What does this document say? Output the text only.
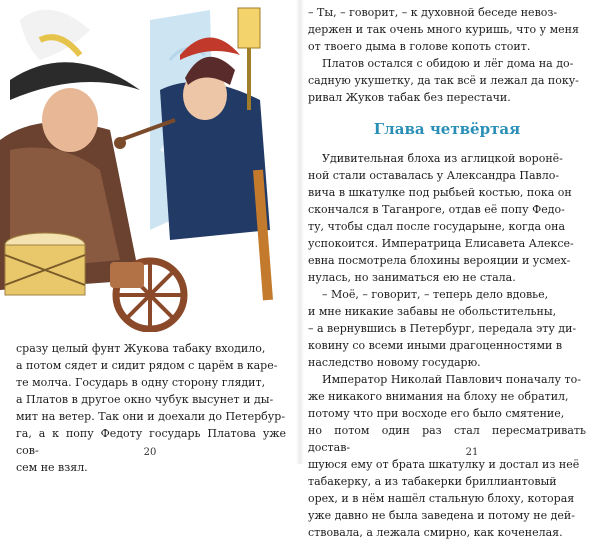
сразу целый фунт Жукова табаку входило,

а потом сядет и сидит рядом с царём в каре-

те молча. Государь в одну сторону глядит,

а Платов в другое окно чубук высунет и ды-

мит на ветер. Так они и доехали до Петербур-

га, а к попу Федоту государь Платова уже сов-

сем не взял.

20

– Ты, – говорит, – к духовной беседе невоз-

держен и так очень много куришь, что у меня

от твоего дыма в голове копоть стоит.

Платов остался с обидою и лёг дома на до-

садную укушетку, да так всё и лежал да поку-

ривал Жуков табак без перестачи.

Глава четвёртая

Удивительная блоха из аглицкой воронё-

ной стали оставалась у Александра Павло-

вича в шкатулке под рыбьей костью, пока он

скончался в Таганроге, отдав её попу Федо-

ту, чтобы сдал после государыне, когда она

успокоится. Императрица Елисавета Алексе-

евна посмотрела блохины верояции и усмех-

нулась, но заниматься ею не стала.

– Моё, – говорит, – теперь дело вдовье,

и мне никакие забавы не обольстительны,

– а вернувшись в Петербург, передала эту ди-

ковину со всеми иными драгоценностями в

наследство новому государю.

Император Николай Павлович поначалу то-

же никакого внимания на блоху не обратил,

потому что при восходе его было смятение,

но потом один раз стал пересматривать достав-

шуюся ему от брата шкатулку и достал из неё

табакерку, а из табакерки бриллиантовый

орех, и в нём нашёл стальную блоху, которая

уже давно не была заведена и потому не дей-

ствовала, а лежала смирно, как коченелая.

21
